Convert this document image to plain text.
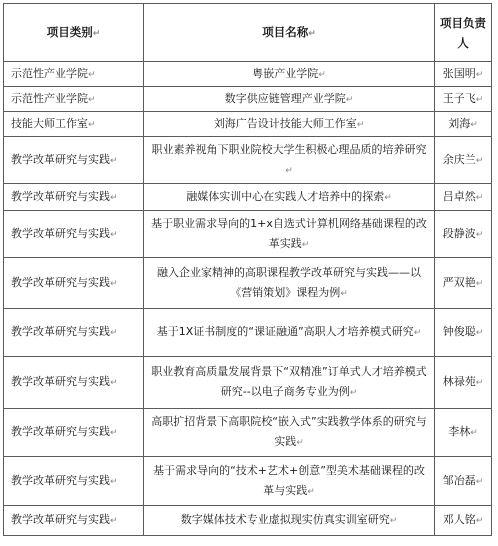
项目类别↵	项目名称↵	项目负责人
示范性产业学院↵	粤嵌产业学院↵	张国明↵
示范性产业学院↵	数字供应链管理产业学院↵	王子飞↵
技能大师工作室↵	刘海广告设计技能大师工作室↵	刘海↵
教学改革研究与实践↵	职业素养视角下职业院校大学生积极心理品质的培养研究↵	余庆兰↵
教学改革研究与实践↵	融媒体实训中心在实践人才培养中的探索↵	吕卓然↵
教学改革研究与实践↵	基于职业需求导向的1+x自选式计算机网络基础课程的改革实践↵	段静波↵
教学改革研究与实践↵	融入企业家精神的高职课程教学改革研究与实践——以《营销策划》课程为例↵	严双艳↵
教学改革研究与实践↵	基于1X证书制度的“课证融通”高职人才培养模式研究↵	钟俊聪↵
教学改革研究与实践↵	职业教育高质量发展背景下“双精准”订单式人才培养模式研究--以电子商务专业为例↵	林禄苑↵
教学改革研究与实践↵	高职扩招背景下高职院校“嵌入式”实践教学体系的研究与实践↵	李林↵
教学改革研究与实践↵	基于需求导向的“技术+艺术+创意”型美术基础课程的改革与实践↵	邹冶磊↵
教学改革研究与实践↵	数字媒体技术专业虚拟现实仿真实训室研究↵	邓人铭↵
